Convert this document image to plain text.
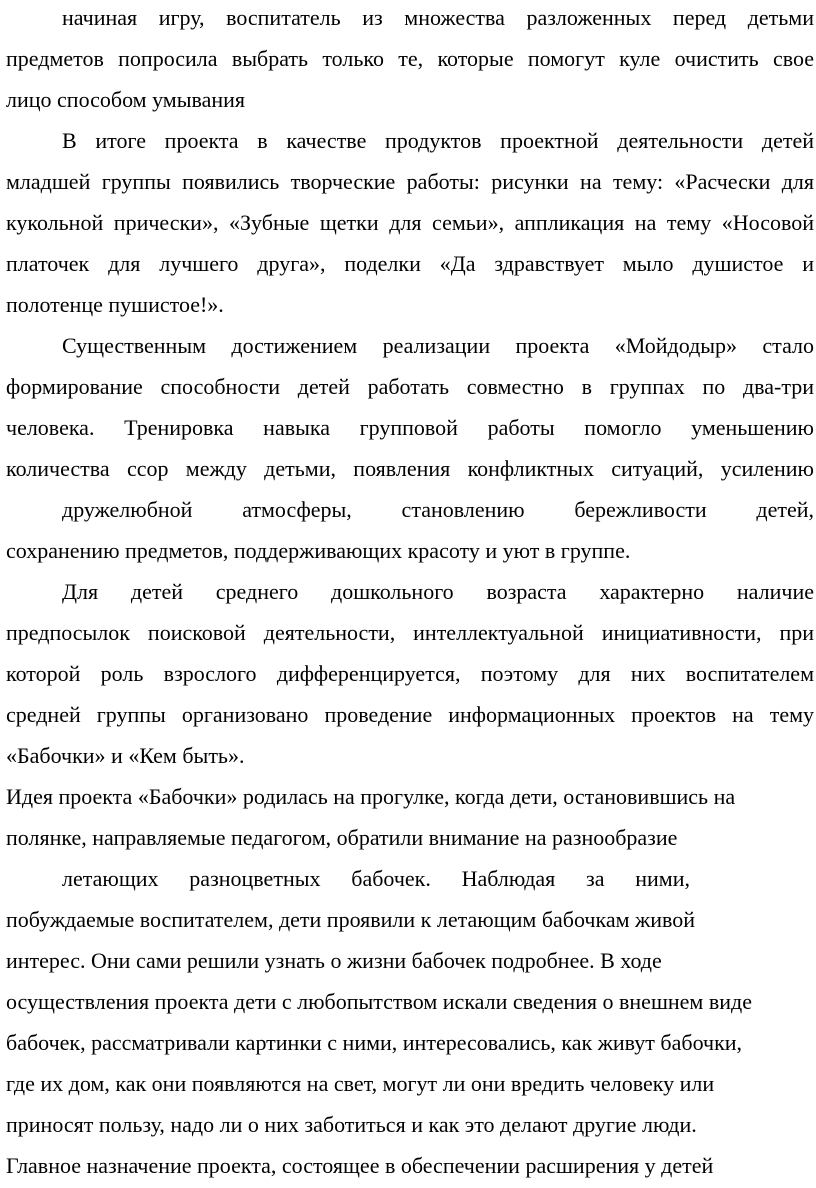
начиная игру, воспитатель из множества разложенных перед детьми
предметов попросила выбрать только те, которые помогут куле очистить свое
лицо способом умывания
В итоге проекта в качестве продуктов проектной деятельности детей
младшей группы появились творческие работы: рисунки на тему: «Расчески для
кукольной прически», «Зубные щетки для семьи», аппликация на тему «Носовой
платочек для лучшего друга», поделки «Да здравствует мыло душистое и
полотенце пушистое!».
Существенным достижением реализации проекта «Мойдодыр» стало
формирование способности детей работать совместно в группах по два-три
человека. Тренировка навыка групповой работы помогло уменьшению
количества ссор между детьми, появления конфликтных ситуаций, усилению
дружелюбной атмосферы, становлению бережливости детей,
сохранению предметов, поддерживающих красоту и уют в группе.
Для детей среднего дошкольного возраста характерно наличие
предпосылок поисковой деятельности, интеллектуальной инициативности, при
которой роль взрослого дифференцируется, поэтому для них воспитателем
средней группы организовано проведение информационных проектов на тему
«Бабочки» и «Кем быть».
Идея проекта «Бабочки» родилась на прогулке, когда дети, остановившись на
полянке, направляемые педагогом, обратили внимание на разнообразие
летающих разноцветных бабочек. Наблюдая за ними,
побуждаемые воспитателем, дети проявили к летающим бабочкам живой
интерес. Они сами решили узнать о жизни бабочек подробнее. В ходе
осуществления проекта дети с любопытством искали сведения о внешнем виде
бабочек, рассматривали картинки с ними, интересовались, как живут бабочки,
где их дом, как они появляются на свет, могут ли они вредить человеку или
приносят пользу, надо ли о них заботиться и как это делают другие люди.
Главное назначение проекта, состоящее в обеспечении расширения у детей
